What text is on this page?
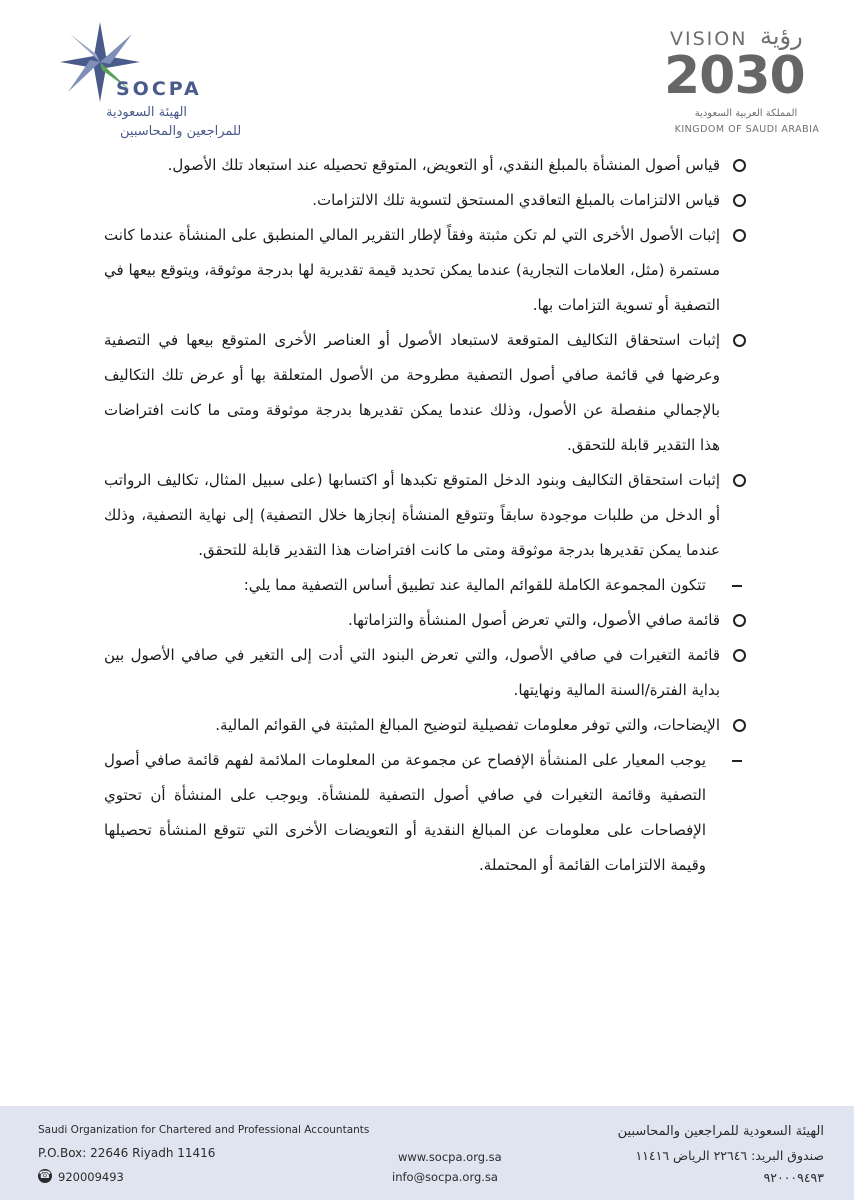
SOCPA
الهيئة السعودية
للمراجعين والمحاسبين
VISION رؤية
2030
المملكة العربية السعودية
KINGDOM OF SAUDI ARABIA
قياس أصول المنشأة بالمبلغ النقدي، أو التعويض، المتوقع تحصيله عند استبعاد تلك الأصول.
قياس الالتزامات بالمبلغ التعاقدي المستحق لتسوية تلك الالتزامات.
إثبات الأصول الأخرى التي لم تكن مثبتة وفقاً لإطار التقرير المالي المنطبق على المنشأة عندما كانت مستمرة (مثل، العلامات التجارية) عندما يمكن تحديد قيمة تقديرية لها بدرجة موثوقة، ويتوقع بيعها في التصفية أو تسوية التزامات بها.
إثبات استحقاق التكاليف المتوقعة لاستبعاد الأصول أو العناصر الأخرى المتوقع بيعها في التصفية وعرضها في قائمة صافي أصول التصفية مطروحة من الأصول المتعلقة بها أو عرض تلك التكاليف بالإجمالي منفصلة عن الأصول، وذلك عندما يمكن تقديرها بدرجة موثوقة ومتى ما كانت افتراضات هذا التقدير قابلة للتحقق.
إثبات استحقاق التكاليف وبنود الدخل المتوقع تكبدها أو اكتسابها (على سبيل المثال، تكاليف الرواتب أو الدخل من طلبات موجودة سابقاً وتتوقع المنشأة إنجازها خلال التصفية) إلى نهاية التصفية، وذلك عندما يمكن تقديرها بدرجة موثوقة ومتى ما كانت افتراضات هذا التقدير قابلة للتحقق.
تتكون المجموعة الكاملة للقوائم المالية عند تطبيق أساس التصفية مما يلي:
قائمة صافي الأصول، والتي تعرض أصول المنشأة والتزاماتها.
قائمة التغيرات في صافي الأصول، والتي تعرض البنود التي أدت إلى التغير في صافي الأصول بين بداية الفترة/السنة المالية ونهايتها.
الإيضاحات، والتي توفر معلومات تفصيلية لتوضيح المبالغ المثبتة في القوائم المالية.
يوجب المعيار على المنشأة الإفصاح عن مجموعة من المعلومات الملائمة لفهم قائمة صافي أصول التصفية وقائمة التغيرات في صافي أصول التصفية للمنشأة. ويوجب على المنشأة أن تحتوي الإفصاحات على معلومات عن المبالغ النقدية أو التعويضات الأخرى التي تتوقع المنشأة تحصيلها وقيمة الالتزامات القائمة أو المحتملة.
Saudi Organization for Chartered and Professional Accountants
P.O.Box: 22646 Riyadh 11416
☎ 920009493
www.socpa.org.sa
info@socpa.org.sa
الهيئة السعودية للمراجعين والمحاسبين
صندوق البريد: ٢٢٦٤٦ الرياض ١١٤١٦
٩٢٠٠٠٩٤٩٣
